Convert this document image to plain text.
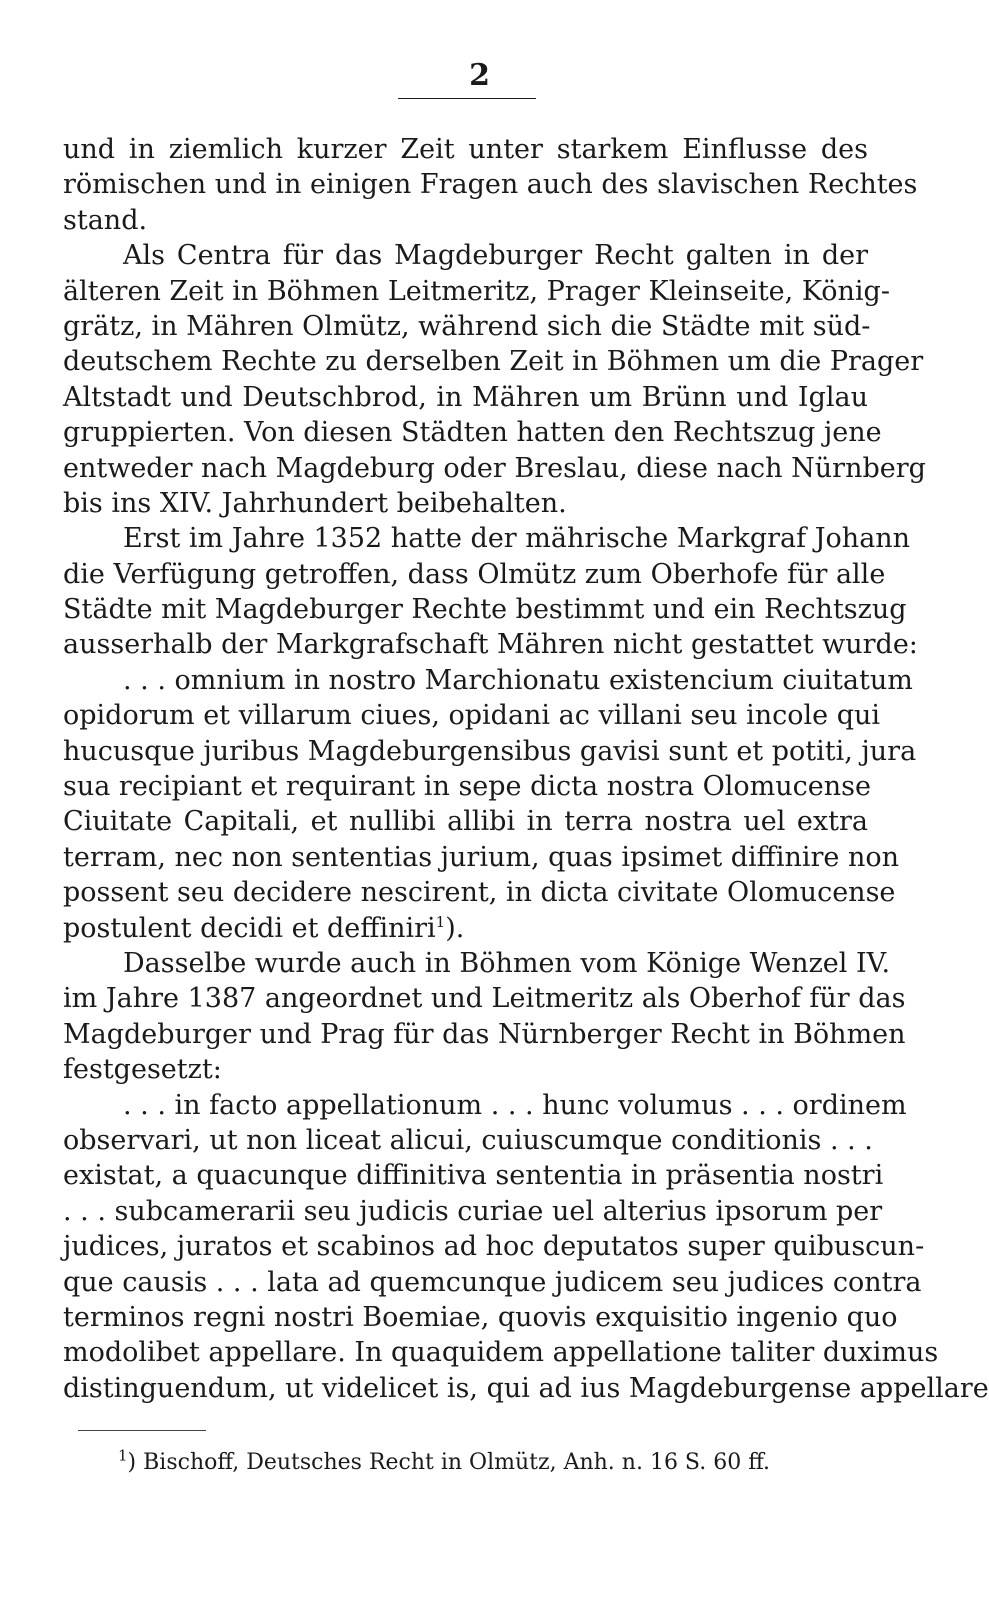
2
und in ziemlich kurzer Zeit unter starkem Einflusse des
römischen und in einigen Fragen auch des slavischen Rechtes
stand.
Als Centra für das Magdeburger Recht galten in der
älteren Zeit in Böhmen Leitmeritz, Prager Kleinseite, König-
grätz, in Mähren Olmütz, während sich die Städte mit süd-
deutschem Rechte zu derselben Zeit in Böhmen um die Prager
Altstadt und Deutschbrod, in Mähren um Brünn und Iglau
gruppierten. Von diesen Städten hatten den Rechtszug jene
entweder nach Magdeburg oder Breslau, diese nach Nürnberg
bis ins XIV. Jahrhundert beibehalten.
Erst im Jahre 1352 hatte der mährische Markgraf Johann
die Verfügung getroffen, dass Olmütz zum Oberhofe für alle
Städte mit Magdeburger Rechte bestimmt und ein Rechtszug
ausserhalb der Markgrafschaft Mähren nicht gestattet wurde:
. . . omnium in nostro Marchionatu existencium ciuitatum
opidorum et villarum ciues, opidani ac villani seu incole qui
hucusque juribus Magdeburgensibus gavisi sunt et potiti, jura
sua recipiant et requirant in sepe dicta nostra Olomucense
Ciuitate Capitali, et nullibi allibi in terra nostra uel extra
terram, nec non sententias jurium, quas ipsimet diffinire non
possent seu decidere nescirent, in dicta civitate Olomucense
postulent decidi et deffiniri$^1$).
Dasselbe wurde auch in Böhmen vom Könige Wenzel IV.
im Jahre 1387 angeordnet und Leitmeritz als Oberhof für das
Magdeburger und Prag für das Nürnberger Recht in Böhmen
festgesetzt:
. . . in facto appellationum . . . hunc volumus . . . ordinem
observari, ut non liceat alicui, cuiuscumque conditionis . . .
existat, a quacunque diffinitiva sententia in präsentia nostri
. . . subcamerarii seu judicis curiae uel alterius ipsorum per
judices, juratos et scabinos ad hoc deputatos super quibuscun-
que causis . . . lata ad quemcunque judicem seu judices contra
terminos regni nostri Boemiae, quovis exquisitio ingenio quo
modolibet appellare. In quaquidem appellatione taliter duximus
distinguendum, ut videlicet is, qui ad ius Magdeburgense appellare
$^1$) Bischoff, Deutsches Recht in Olmütz, Anh. n. 16 S. 60 ff.
